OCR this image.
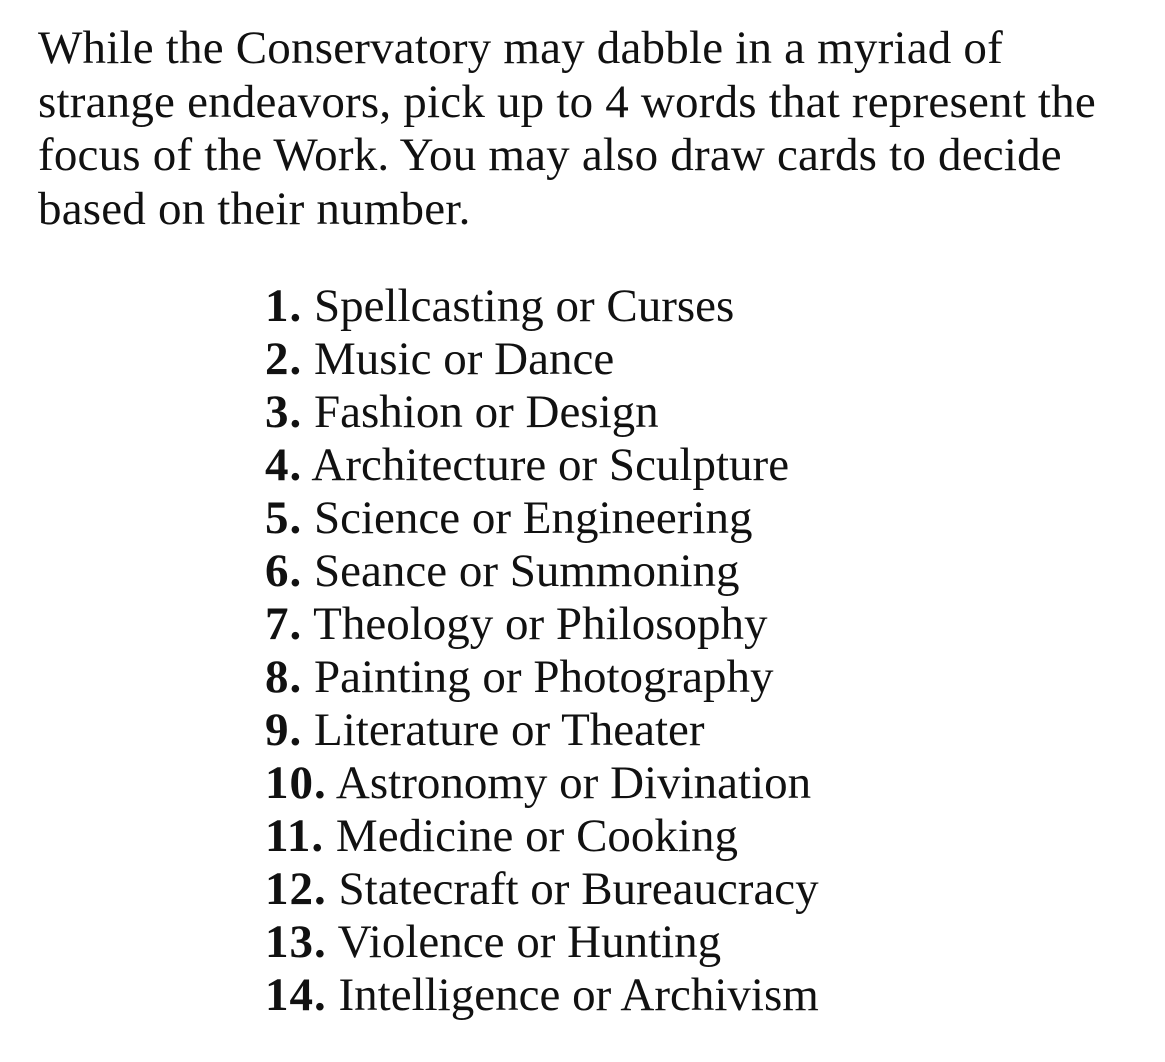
While the Conservatory may dabble in a myriad of strange endeavors, pick up to 4 words that represent the focus of the Work. You may also draw cards to decide based on their number.

1. Spellcasting or Curses
2. Music or Dance
3. Fashion or Design
4. Architecture or Sculpture
5. Science or Engineering
6. Seance or Summoning
7. Theology or Philosophy
8. Painting or Photography
9. Literature or Theater
10. Astronomy or Divination
11. Medicine or Cooking
12. Statecraft or Bureaucracy
13. Violence or Hunting
14. Intelligence or Archivism
